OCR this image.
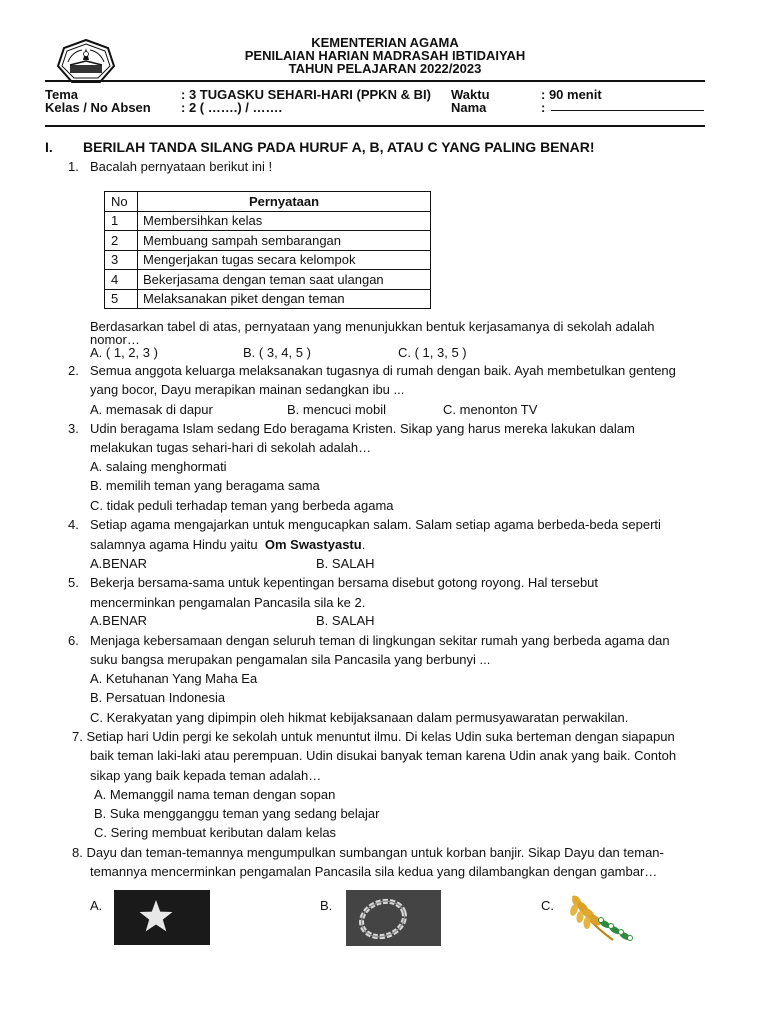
KEMENTERIAN AGAMA
PENILAIAN HARIAN MADRASAH IBTIDAIYAH
TAHUN PELAJARAN 2022/2023
Tema	: 3 TUGASKU SEHARI-HARI (PPKN & BI) Waktu	: 90 menit
Kelas / No Absen : 2 ( …….) / …….	Nama	:
I. BERILAH TANDA SILANG PADA HURUF A, B, ATAU C YANG PALING BENAR!
1. Bacalah pernyataan berikut ini !
No	Pernyataan
1	Membersihkan kelas
2	Membuang sampah sembarangan
3	Mengerjakan tugas secara kelompok
4	Bekerjasama dengan teman saat ulangan
5	Melaksanakan piket dengan teman
Berdasarkan tabel di atas, pernyataan yang menunjukkan bentuk kerjasamanya di sekolah adalah
nomor…
A. ( 1, 2, 3 )	B. ( 3, 4, 5 )	C. ( 1, 3, 5 )
2. Semua anggota keluarga melaksanakan tugasnya di rumah dengan baik. Ayah membetulkan genteng
yang bocor, Dayu merapikan mainan sedangkan ibu ...
A. memasak di dapur	B. mencuci mobil	C. menonton TV
3. Udin beragama Islam sedang Edo beragama Kristen. Sikap yang harus mereka lakukan dalam
melakukan tugas sehari-hari di sekolah adalah…
A. salaing menghormati
B. memilih teman yang beragama sama
C. tidak peduli terhadap teman yang berbeda agama
4. Setiap agama mengajarkan untuk mengucapkan salam. Salam setiap agama berbeda-beda seperti
salamnya agama Hindu yaitu  Om Swastyastu.
A.BENAR	B. SALAH
5. Bekerja bersama-sama untuk kepentingan bersama disebut gotong royong. Hal tersebut
mencerminkan pengamalan Pancasila sila ke 2.
A.BENAR	B. SALAH
6. Menjaga kebersamaan dengan seluruh teman di lingkungan sekitar rumah yang berbeda agama dan
suku bangsa merupakan pengamalan sila Pancasila yang berbunyi ...
A. Ketuhanan Yang Maha Ea
B. Persatuan Indonesia
C. Kerakyatan yang dipimpin oleh hikmat kebijaksanaan dalam permusyawaratan perwakilan.
7. Setiap hari Udin pergi ke sekolah untuk menuntut ilmu. Di kelas Udin suka berteman dengan siapapun
baik teman laki-laki atau perempuan. Udin disukai banyak teman karena Udin anak yang baik. Contoh
sikap yang baik kepada teman adalah…
A. Memanggil nama teman dengan sopan
B. Suka mengganggu teman yang sedang belajar
C. Sering membuat keributan dalam kelas
8. Dayu dan teman-temannya mengumpulkan sumbangan untuk korban banjir. Sikap Dayu dan teman-
temannya mencerminkan pengamalan Pancasila sila kedua yang dilambangkan dengan gambar…
A.	B.	C.
